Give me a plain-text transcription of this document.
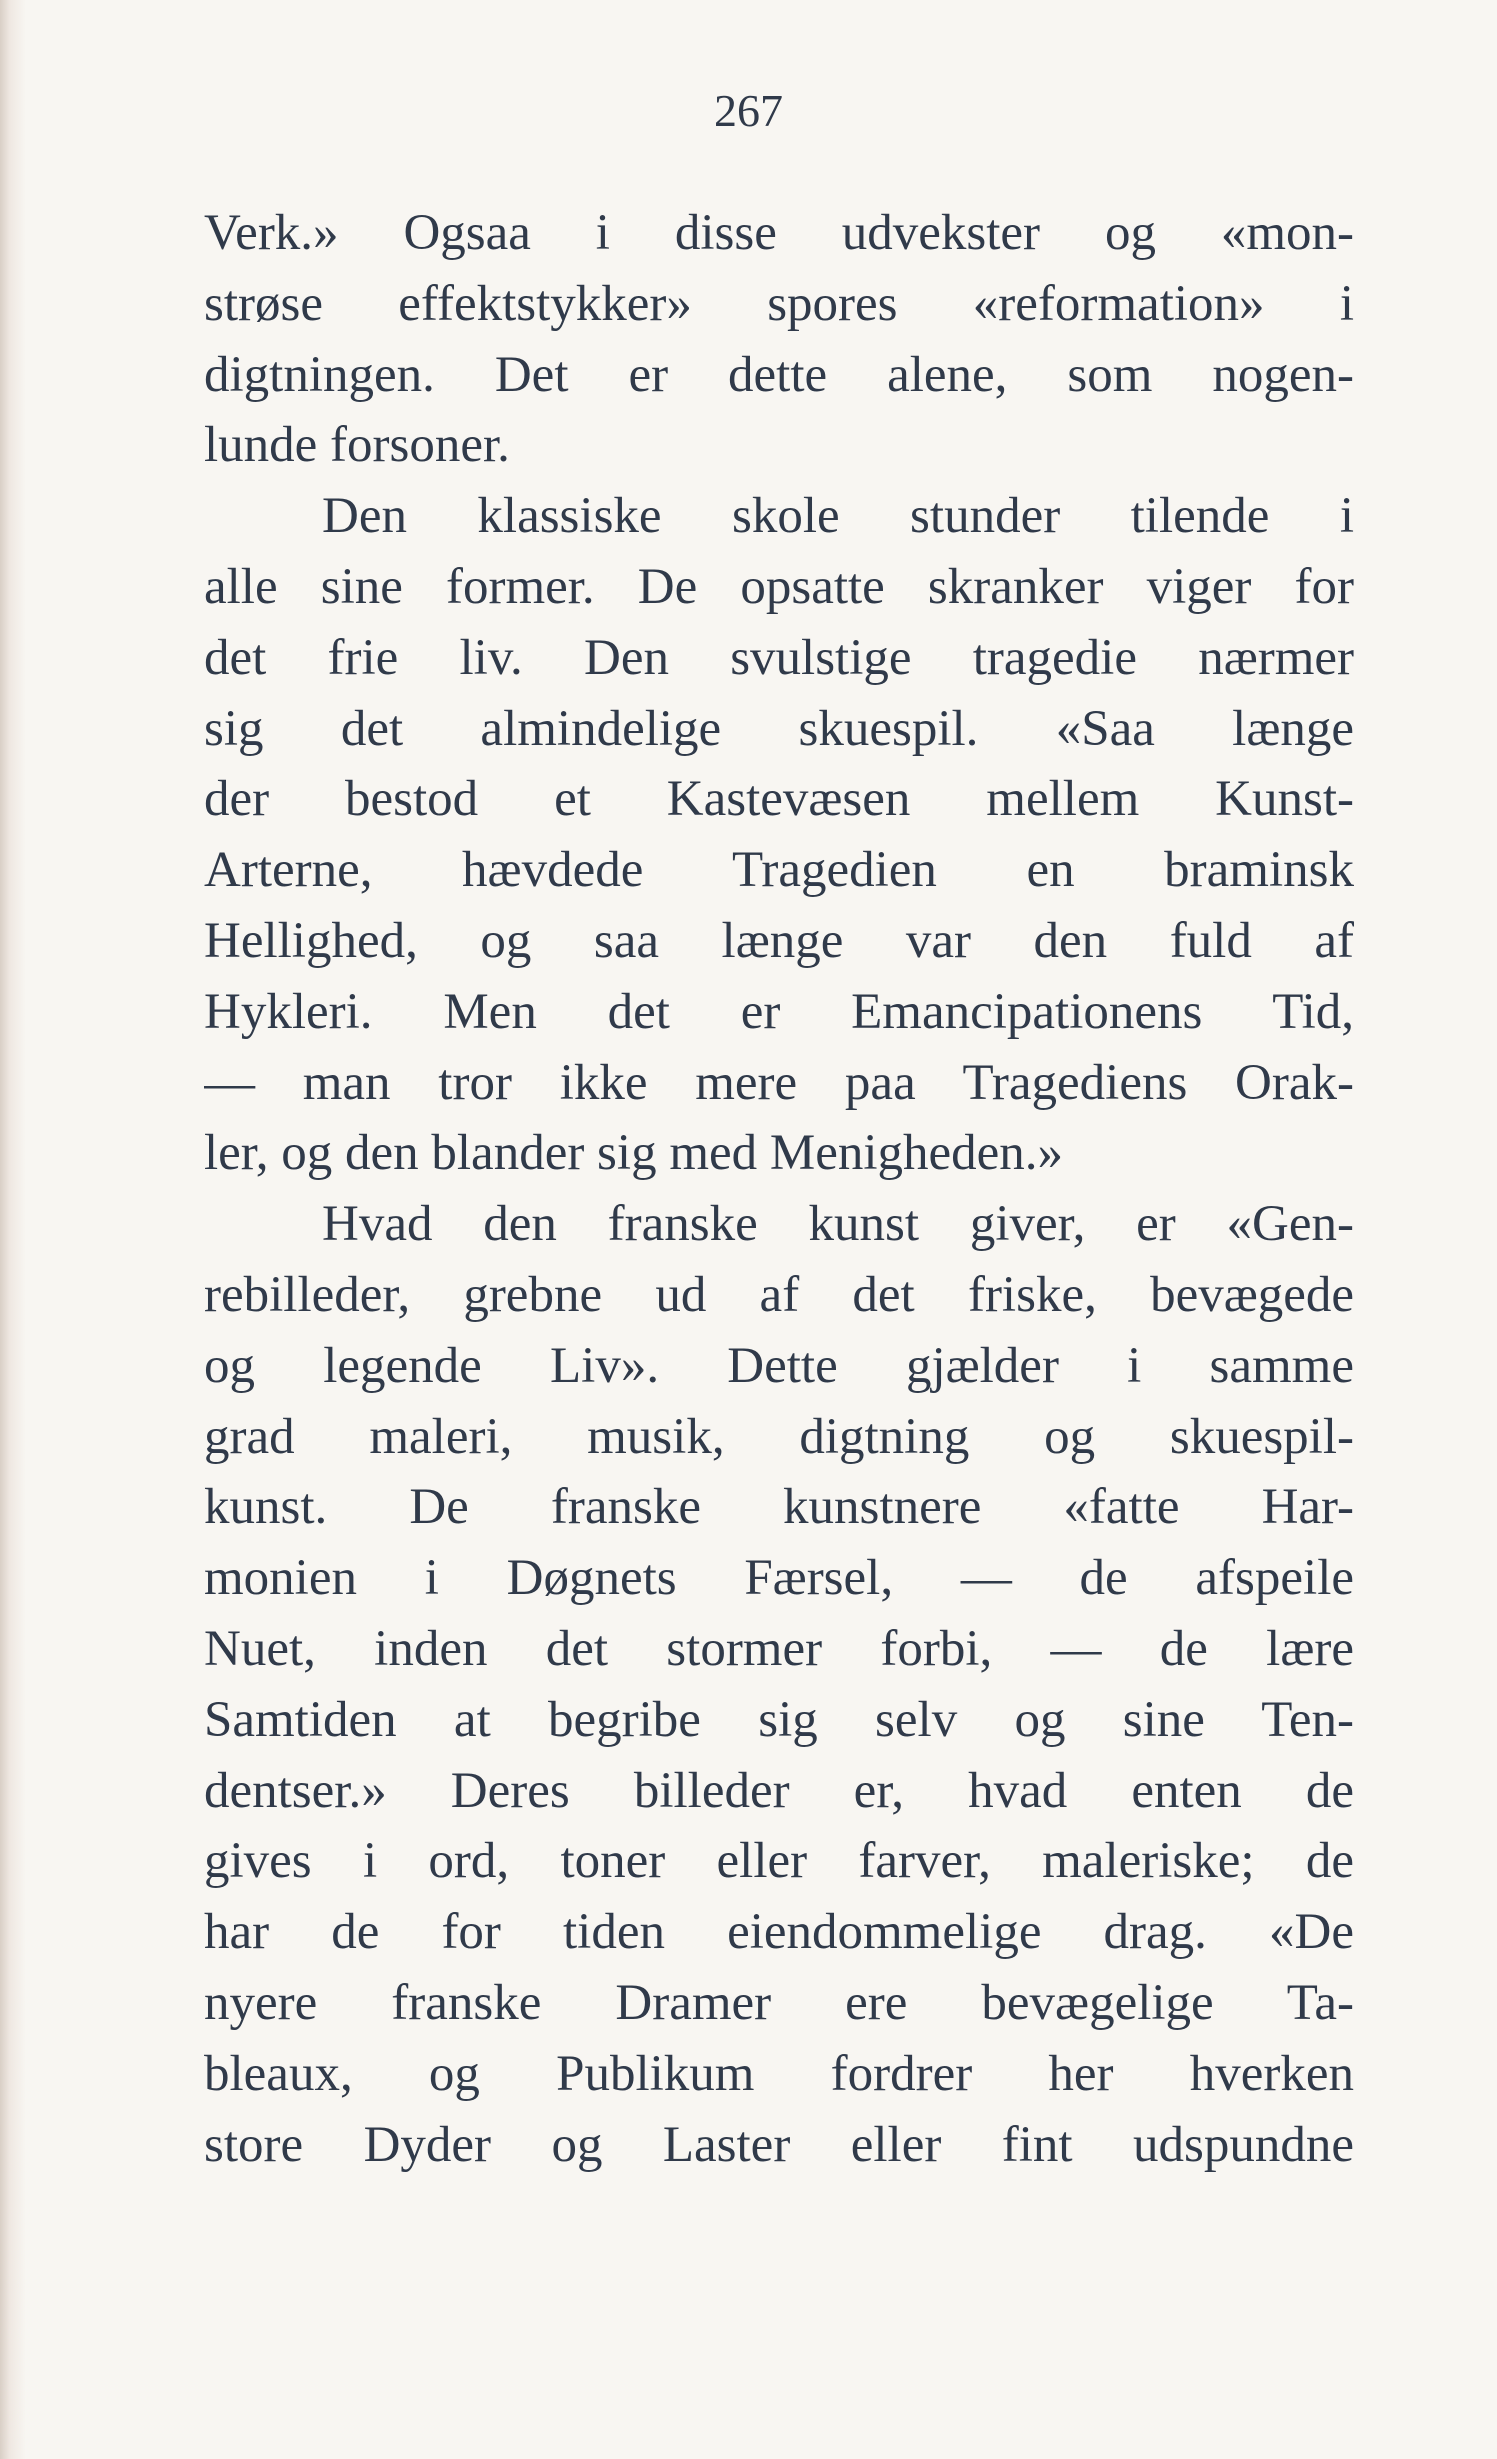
267
Verk.» Ogsaa i disse udvekster og «mon-
strøse effektstykker» spores «reformation» i
digtningen. Det er dette alene, som nogen-
lunde forsoner.
Den klassiske skole stunder tilende i
alle sine former. De opsatte skranker viger for
det frie liv. Den svulstige tragedie nærmer
sig det almindelige skuespil. «Saa længe
der bestod et Kastevæsen mellem Kunst-
Arterne, hævdede Tragedien en braminsk
Hellighed, og saa længe var den fuld af
Hykleri. Men det er Emancipationens Tid,
— man tror ikke mere paa Tragediens Orak-
ler, og den blander sig med Menigheden.»
Hvad den franske kunst giver, er «Gen-
rebilleder, grebne ud af det friske, bevægede
og legende Liv». Dette gjælder i samme
grad maleri, musik, digtning og skuespil-
kunst. De franske kunstnere «fatte Har-
monien i Døgnets Færsel, — de afspeile
Nuet, inden det stormer forbi, — de lære
Samtiden at begribe sig selv og sine Ten-
dentser.» Deres billeder er, hvad enten de
gives i ord, toner eller farver, maleriske; de
har de for tiden eiendommelige drag. «De
nyere franske Dramer ere bevægelige Ta-
bleaux, og Publikum fordrer her hverken
store Dyder og Laster eller fint udspundne
